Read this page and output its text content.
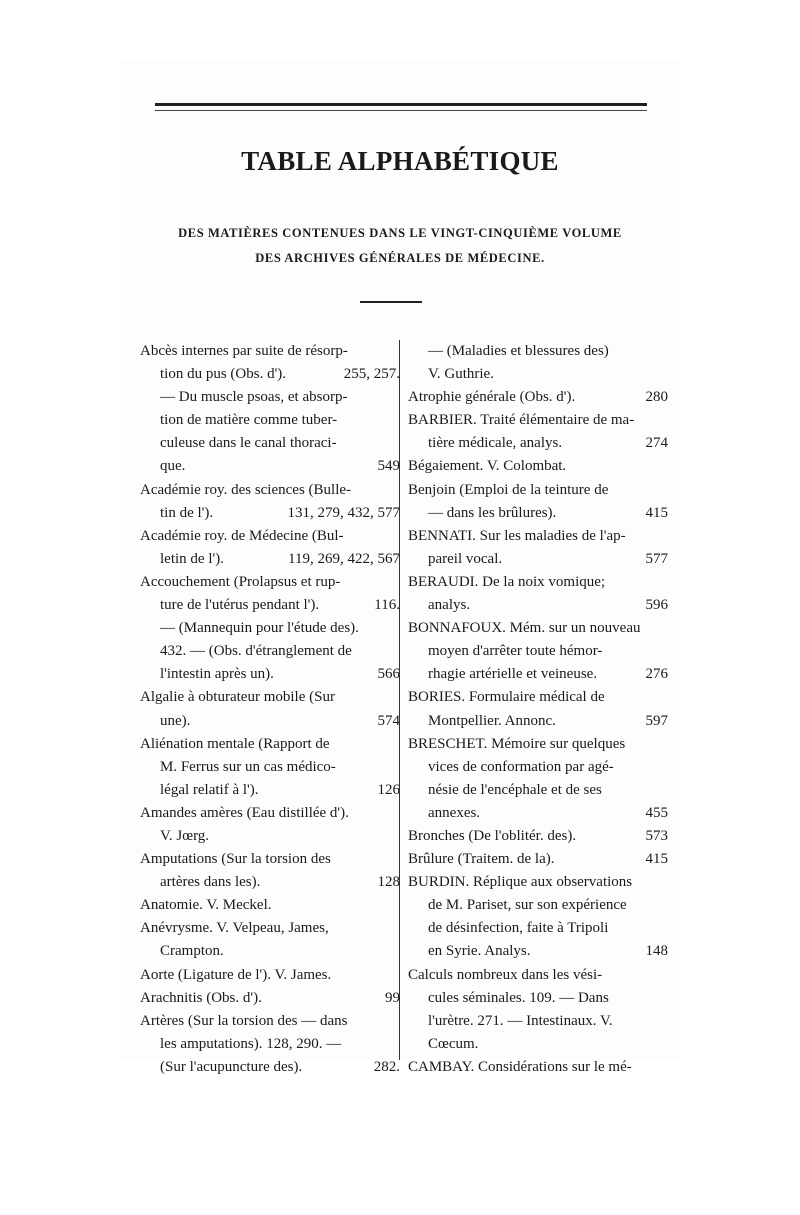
TABLE ALPHABÉTIQUE
DES MATIÈRES CONTENUES DANS LE VINGT-CINQUIÈME VOLUME
DES ARCHIVES GÉNÉRALES DE MÉDECINE.
Abcès internes par suite de résorp-
tion du pus (Obs. d').	255, 257.
— Du muscle psoas, et absorp-
tion de matière comme tuber-
culeuse dans le canal thoraci-
que.	549
Académie roy. des sciences (Bulle-
tin de l').	131, 279, 432, 577
Académie roy. de Médecine (Bul-
letin de l').	119, 269, 422, 567
Accouchement (Prolapsus et rup-
ture de l'utérus pendant l').	116.
— (Mannequin pour l'étude des).
432. — (Obs. d'étranglement de
l'intestin après un).	566
Algalie à obturateur mobile (Sur
une).	574
Aliénation mentale (Rapport de
M. Ferrus sur un cas médico-
légal relatif à l').	126
Amandes amères (Eau distillée d').
V. Jœrg.
Amputations (Sur la torsion des
artères dans les).	128
Anatomie. V. Meckel.
Anévrysme. V. Velpeau, James,
Crampton.
Aorte (Ligature de l'). V. James.
Arachnitis (Obs. d').	99
Artères (Sur la torsion des — dans
les amputations). 128, 290. —
(Sur l'acupuncture des).	282.
— (Maladies et blessures des)
V. Guthrie.
Atrophie générale (Obs. d').	280
BARBIER. Traité élémentaire de ma-
tière médicale, analys.	274
Bégaiement. V. Colombat.
Benjoin (Emploi de la teinture de
— dans les brûlures).	415
BENNATI. Sur les maladies de l'ap-
pareil vocal.	577
BERAUDI. De la noix vomique;
analys.	596
BONNAFOUX. Mém. sur un nouveau
moyen d'arrêter toute hémor-
rhagie artérielle et veineuse.	276
BORIES. Formulaire médical de
Montpellier. Annonc.	597
BRESCHET. Mémoire sur quelques
vices de conformation par agé-
nésie de l'encéphale et de ses
annexes.	455
Bronches (De l'oblitér. des).	573
Brûlure (Traitem. de la).	415
BURDIN. Réplique aux observations
de M. Pariset, sur son expérience
de désinfection, faite à Tripoli
en Syrie. Analys.	148
Calculs nombreux dans les vési-
cules séminales. 109. — Dans
l'urètre. 271. — Intestinaux. V.
Cœcum.
CAMBAY. Considérations sur le mé-
